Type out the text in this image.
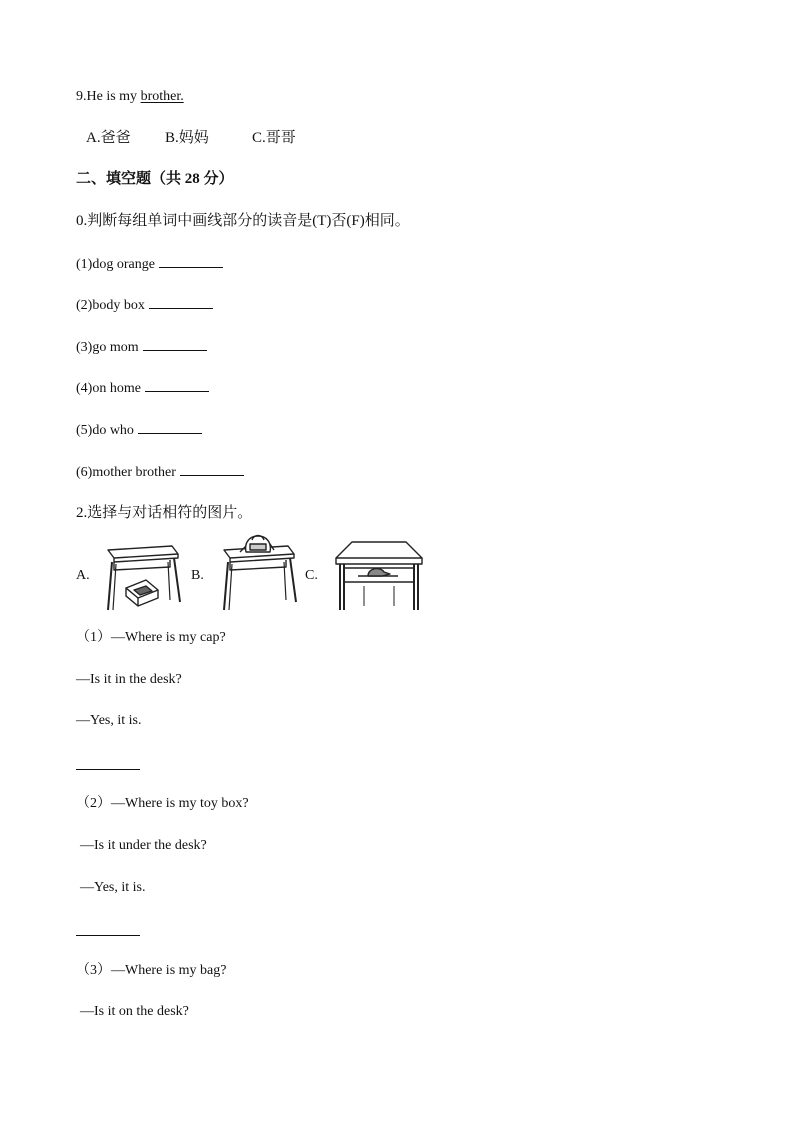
9.He is my brother.
A.爸爸 B.妈妈	C.哥哥
二、填空题（共 28 分）
0.判断每组单词中画线部分的读音是(T)否(F)相同。
(1)dog orange
(2)body box
(3)go mom
(4)on home
(5)do who
(6)mother brother
2.选择与对话相符的图片。
A.	B.	C.
（1）—Where is my cap?
—Is it in the desk?
—Yes, it is.
（2）—Where is my toy box?
—Is it under the desk?
—Yes, it is.
（3）—Where is my bag?
—Is it on the desk?
